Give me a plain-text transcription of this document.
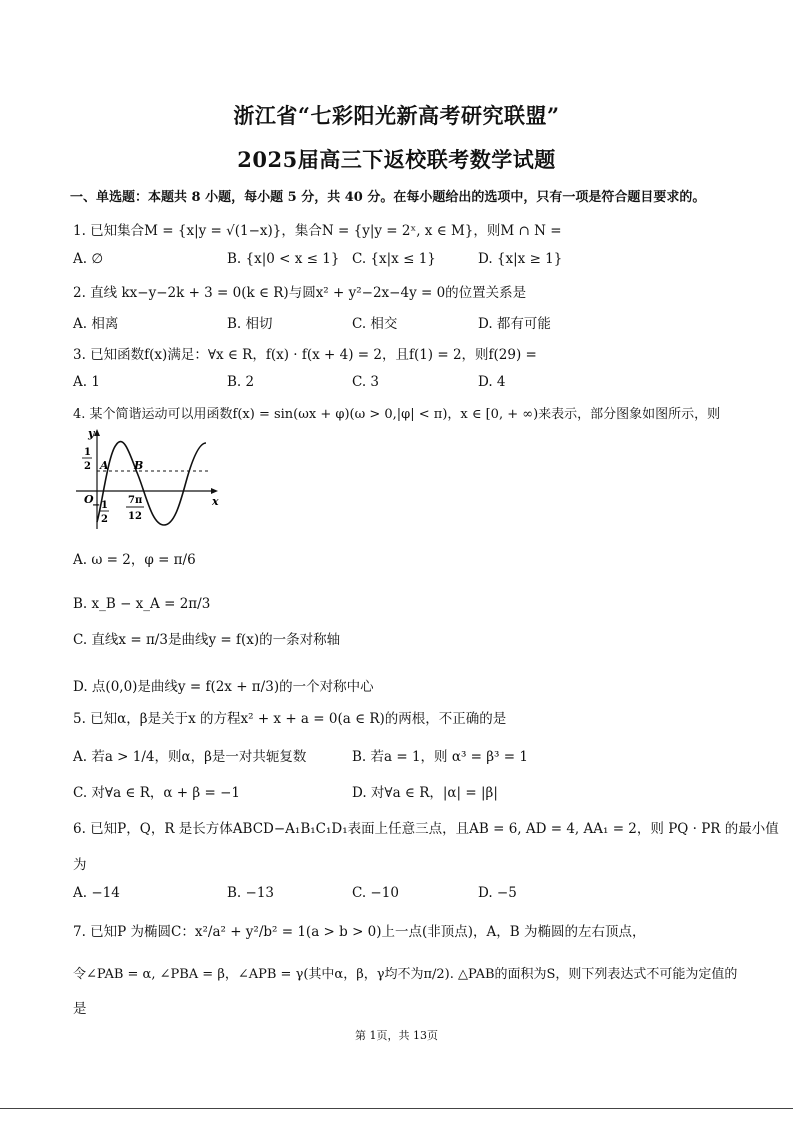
浙江省“七彩阳光新高考研究联盟”
2025届高三下返校联考数学试题
一、单选题：本题共 8 小题，每小题 5 分，共 40 分。在每小题给出的选项中，只有一项是符合题目要求的。
1. 已知集合M = {x|y = √(1−x)}，集合N = {y|y = 2ˣ, x ∈ M}，则M ∩ N =
A. ∅	B. {x|0 < x ≤ 1} C. {x|x ≤ 1}	D. {x|x ≥ 1}
2. 直线 kx−y−2k + 3 = 0(k ∈ R)与圆x² + y²−2x−4y = 0的位置关系是
A. 相离	B. 相切	C. 相交	D. 都有可能
3. 已知函数f(x)满足：∀x ∈ R，f(x) · f(x + 4) = 2，且f(1) = 2，则f(29) =
A. 1	B. 2	C. 3	D. 4
4. 某个简谐运动可以用函数f(x) = sin(ωx + φ)(ω > 0,|φ| < π)，x ∈ [0, + ∞)来表示，部分图象如图所示，则
y
x
O
1
2 A B
− 1
2
7π
12
A. ω = 2，φ = π/6
B. x_B − x_A = 2π/3
C. 直线x = π/3是曲线y = f(x)的一条对称轴
D. 点(0,0)是曲线y = f(2x + π/3)的一个对称中心
5. 已知α，β是关于x 的方程x² + x + a = 0(a ∈ R)的两根，不正确的是
A. 若a > 1/4，则α，β是一对共轭复数	B. 若a = 1，则 α³ = β³ = 1
C. 对∀a ∈ R，α + β = −1	D. 对∀a ∈ R，|α| = |β|
6. 已知P，Q，R 是长方体ABCD−A₁B₁C₁D₁表面上任意三点，且AB = 6, AD = 4, AA₁ = 2，则 PQ · PR 的最小值
为
A. −14	B. −13	C. −10	D. −5
7. 已知P 为椭圆C：x²/a² + y²/b² = 1(a > b > 0)上一点(非顶点)，A，B 为椭圆的左右顶点，
令∠PAB = α, ∠PBA = β，∠APB = γ(其中α，β，γ均不为π/2). △PAB的面积为S，则下列表达式不可能为定值的
是
第 1页，共 13页
